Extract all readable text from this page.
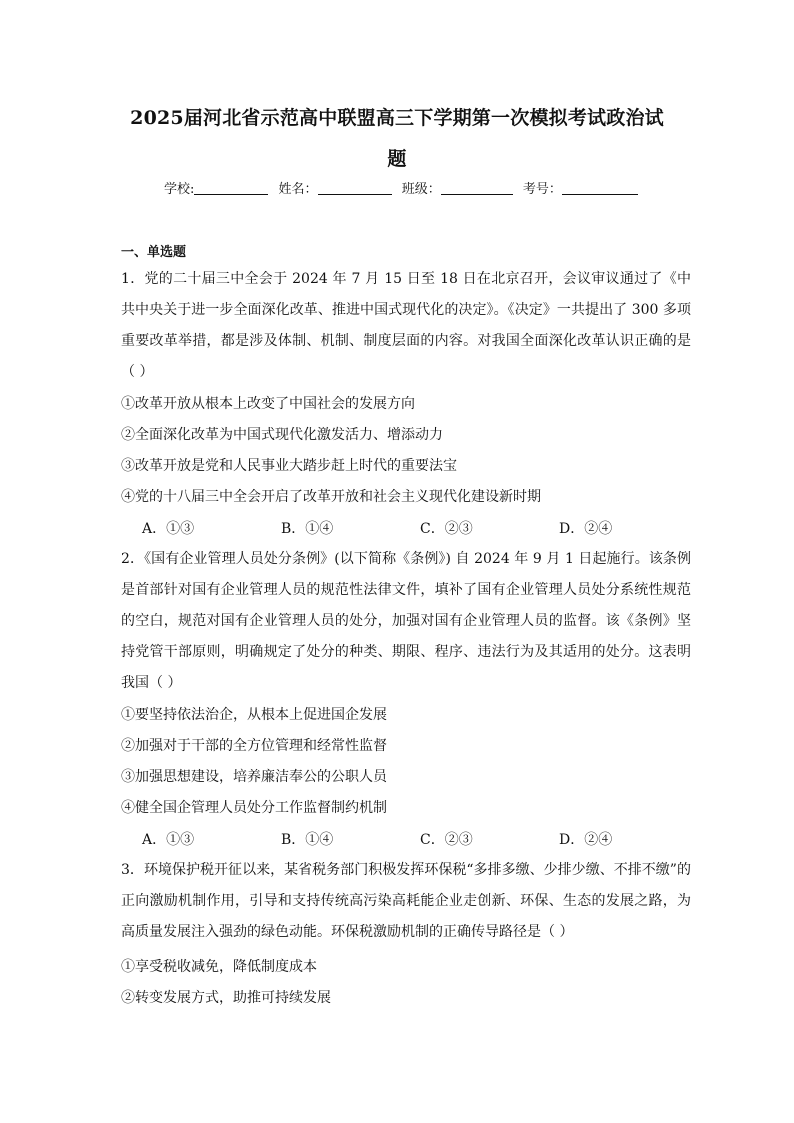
2025届河北省示范高中联盟高三下学期第一次模拟考试政治试
题
学校:	姓名：	班级：	考号：
一、单选题
1．党的二十届三中全会于 2024 年 7 月 15 日至 18 日在北京召开，会议审议通过了《中共中央关于进一步全面深化改革、推进中国式现代化的决定》。《决定》一共提出了 300 多项重要改革举措，都是涉及体制、机制、制度层面的内容。对我国全面深化改革认识正确的是（ ）
①改革开放从根本上改变了中国社会的发展方向
②全面深化改革为中国式现代化激发活力、增添动力
③改革开放是党和人民事业大踏步赶上时代的重要法宝
④党的十八届三中全会开启了改革开放和社会主义现代化建设新时期
A．①③	B．①④	C．②③	D．②④
2．《国有企业管理人员处分条例》(以下简称《条例》) 自 2024 年 9 月 1 日起施行。该条例是首部针对国有企业管理人员的规范性法律文件，填补了国有企业管理人员处分系统性规范的空白，规范对国有企业管理人员的处分，加强对国有企业管理人员的监督。该《条例》坚持党管干部原则，明确规定了处分的种类、期限、程序、违法行为及其适用的处分。这表明我国（ ）
①要坚持依法治企，从根本上促进国企发展
②加强对于干部的全方位管理和经常性监督
③加强思想建设，培养廉洁奉公的公职人员
④健全国企管理人员处分工作监督制约机制
A．①③	B．①④	C．②③	D．②④
3．环境保护税开征以来，某省税务部门积极发挥环保税“多排多缴、少排少缴、不排不缴”的正向激励机制作用，引导和支持传统高污染高耗能企业走创新、环保、生态的发展之路，为高质量发展注入强劲的绿色动能。环保税激励机制的正确传导路径是（ ）
①享受税收减免，降低制度成本
②转变发展方式，助推可持续发展
